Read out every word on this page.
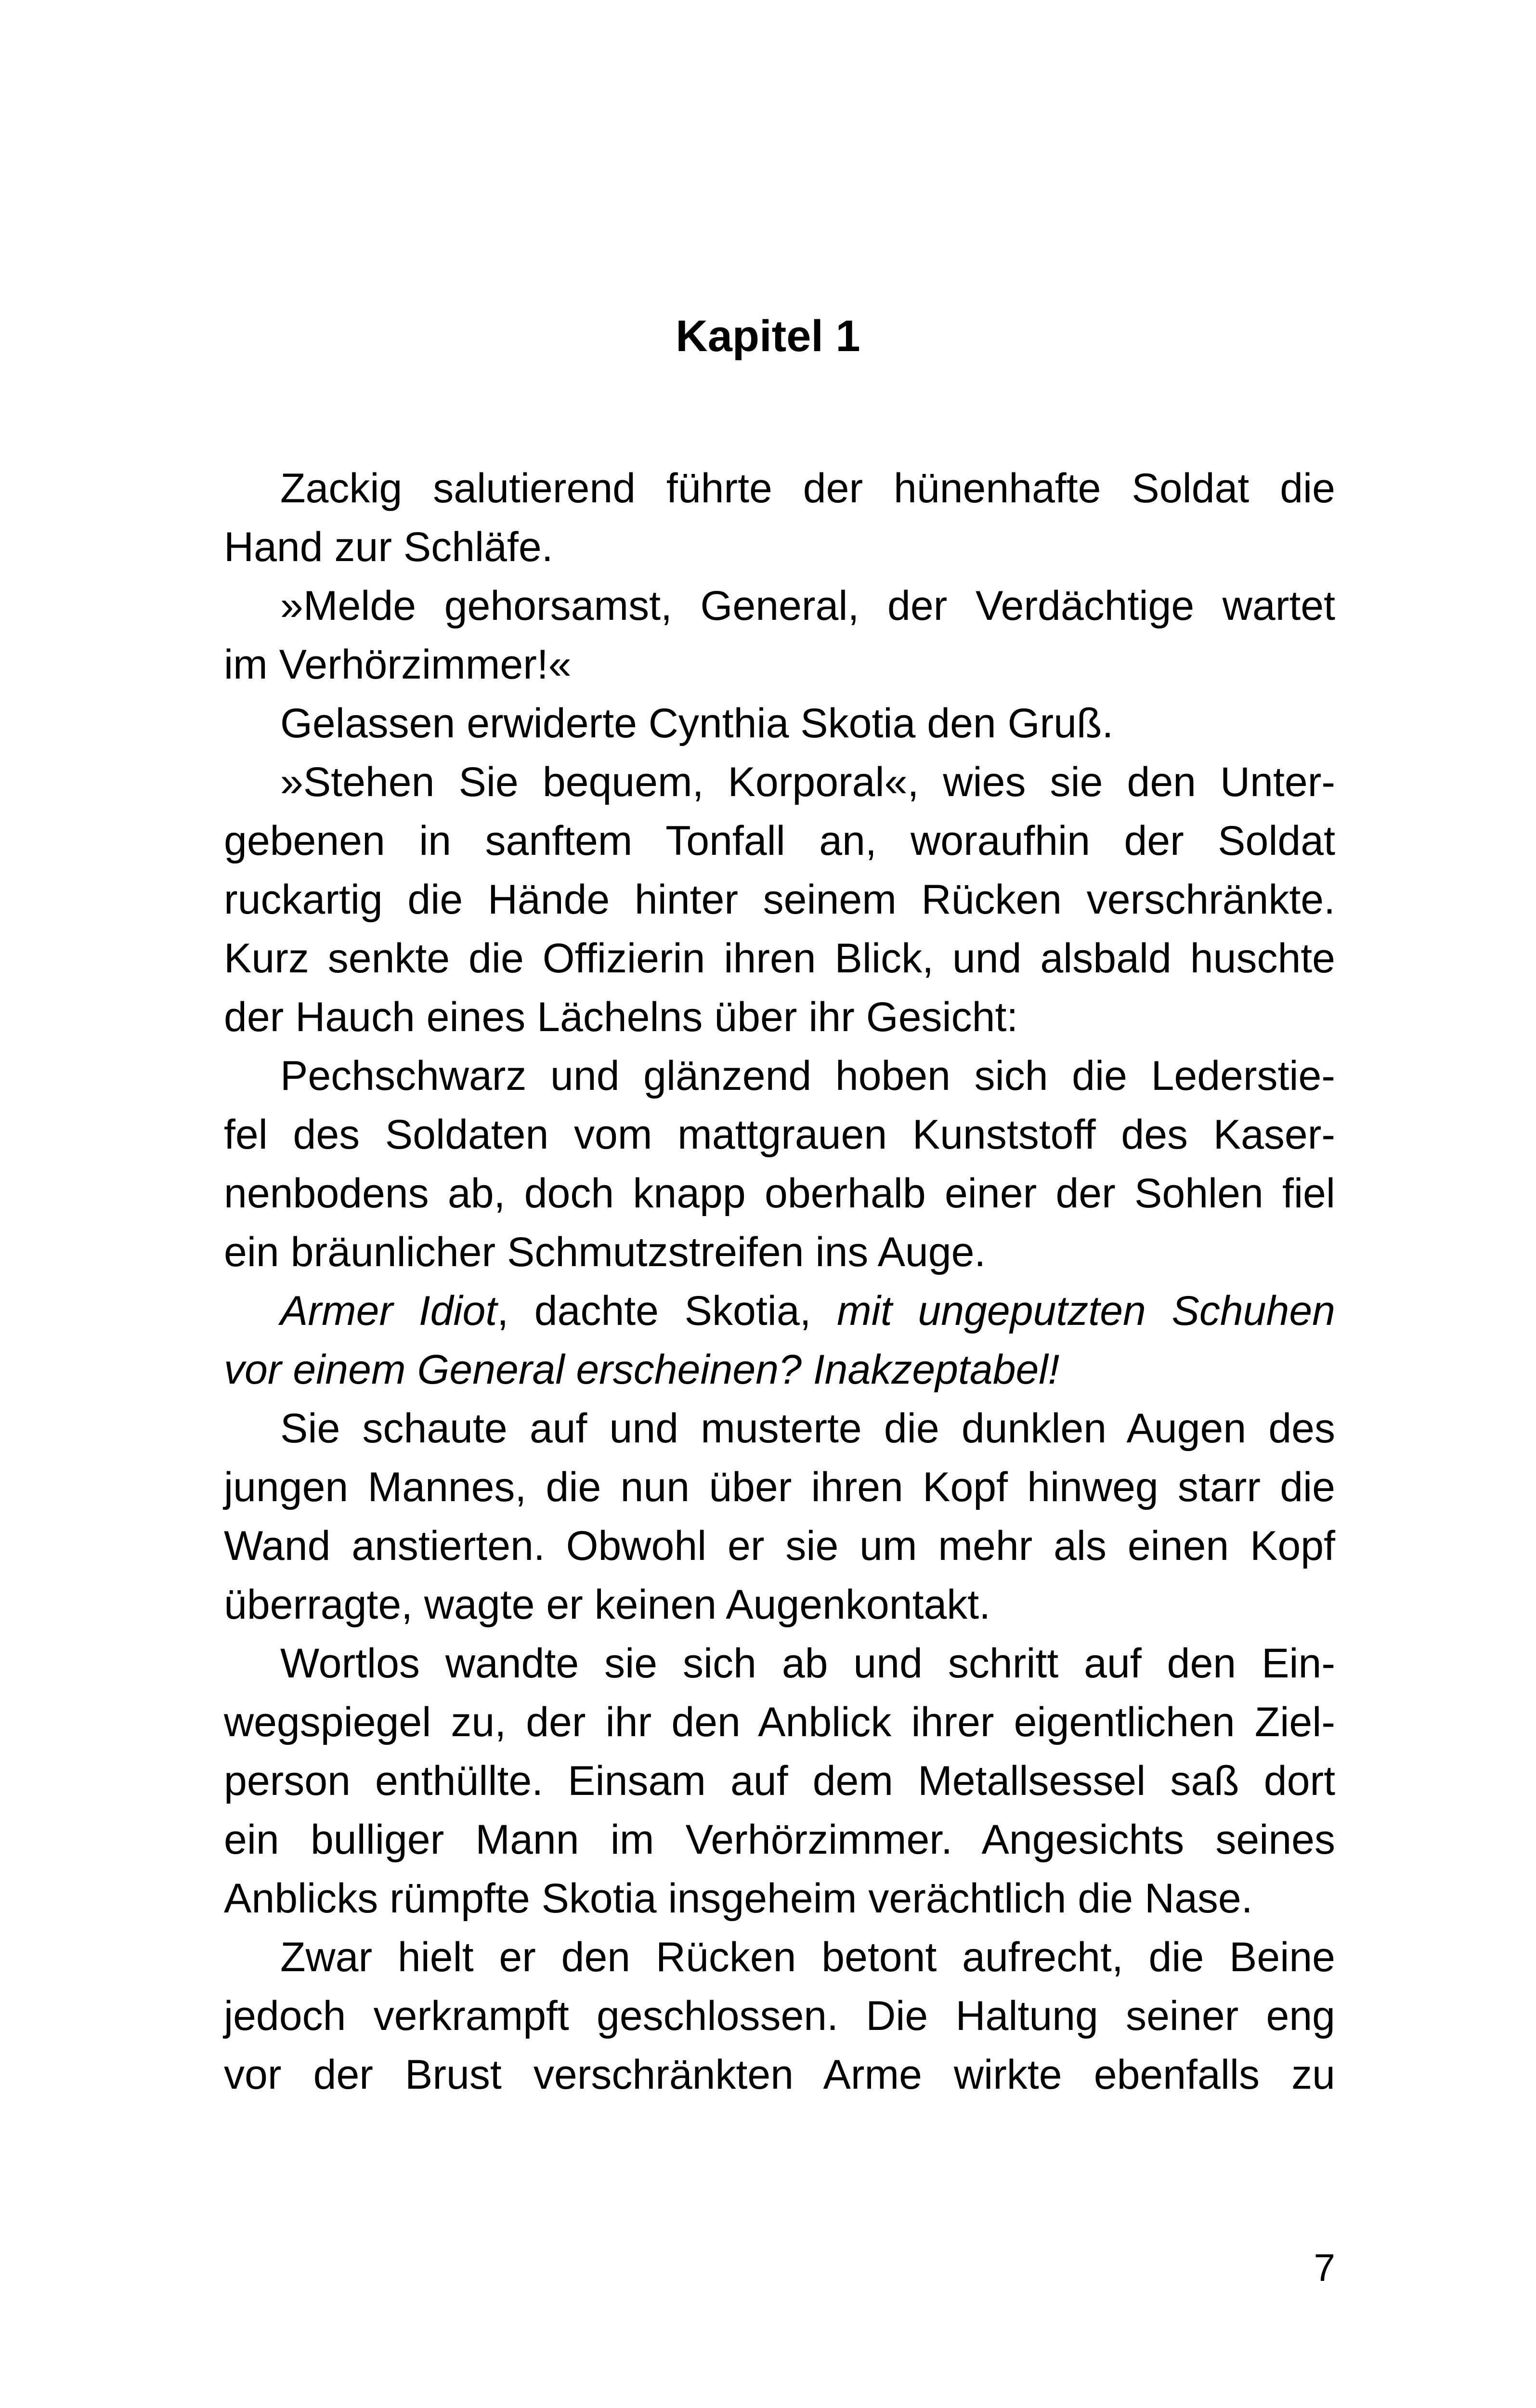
Kapitel 1
Zackig salutierend führte der hünenhafte Soldat die
Hand zur Schläfe.
»Melde gehorsamst, General, der Verdächtige wartet
im Verhörzimmer!«
Gelassen erwiderte Cynthia Skotia den Gruß.
»Stehen Sie bequem, Korporal«, wies sie den Unter-
gebenen in sanftem Tonfall an, woraufhin der Soldat
ruckartig die Hände hinter seinem Rücken verschränkte.
Kurz senkte die Offizierin ihren Blick, und alsbald huschte
der Hauch eines Lächelns über ihr Gesicht:
Pechschwarz und glänzend hoben sich die Lederstie-
fel des Soldaten vom mattgrauen Kunststoff des Kaser-
nenbodens ab, doch knapp oberhalb einer der Sohlen fiel
ein bräunlicher Schmutzstreifen ins Auge.
Armer Idiot, dachte Skotia, mit ungeputzten Schuhen
vor einem General erscheinen? Inakzeptabel!
Sie schaute auf und musterte die dunklen Augen des
jungen Mannes, die nun über ihren Kopf hinweg starr die
Wand anstierten. Obwohl er sie um mehr als einen Kopf
überragte, wagte er keinen Augenkontakt.
Wortlos wandte sie sich ab und schritt auf den Ein-
wegspiegel zu, der ihr den Anblick ihrer eigentlichen Ziel-
person enthüllte. Einsam auf dem Metallsessel saß dort
ein bulliger Mann im Verhörzimmer. Angesichts seines
Anblicks rümpfte Skotia insgeheim verächtlich die Nase.
Zwar hielt er den Rücken betont aufrecht, die Beine
jedoch verkrampft geschlossen. Die Haltung seiner eng
vor der Brust verschränkten Arme wirkte ebenfalls zu
7
